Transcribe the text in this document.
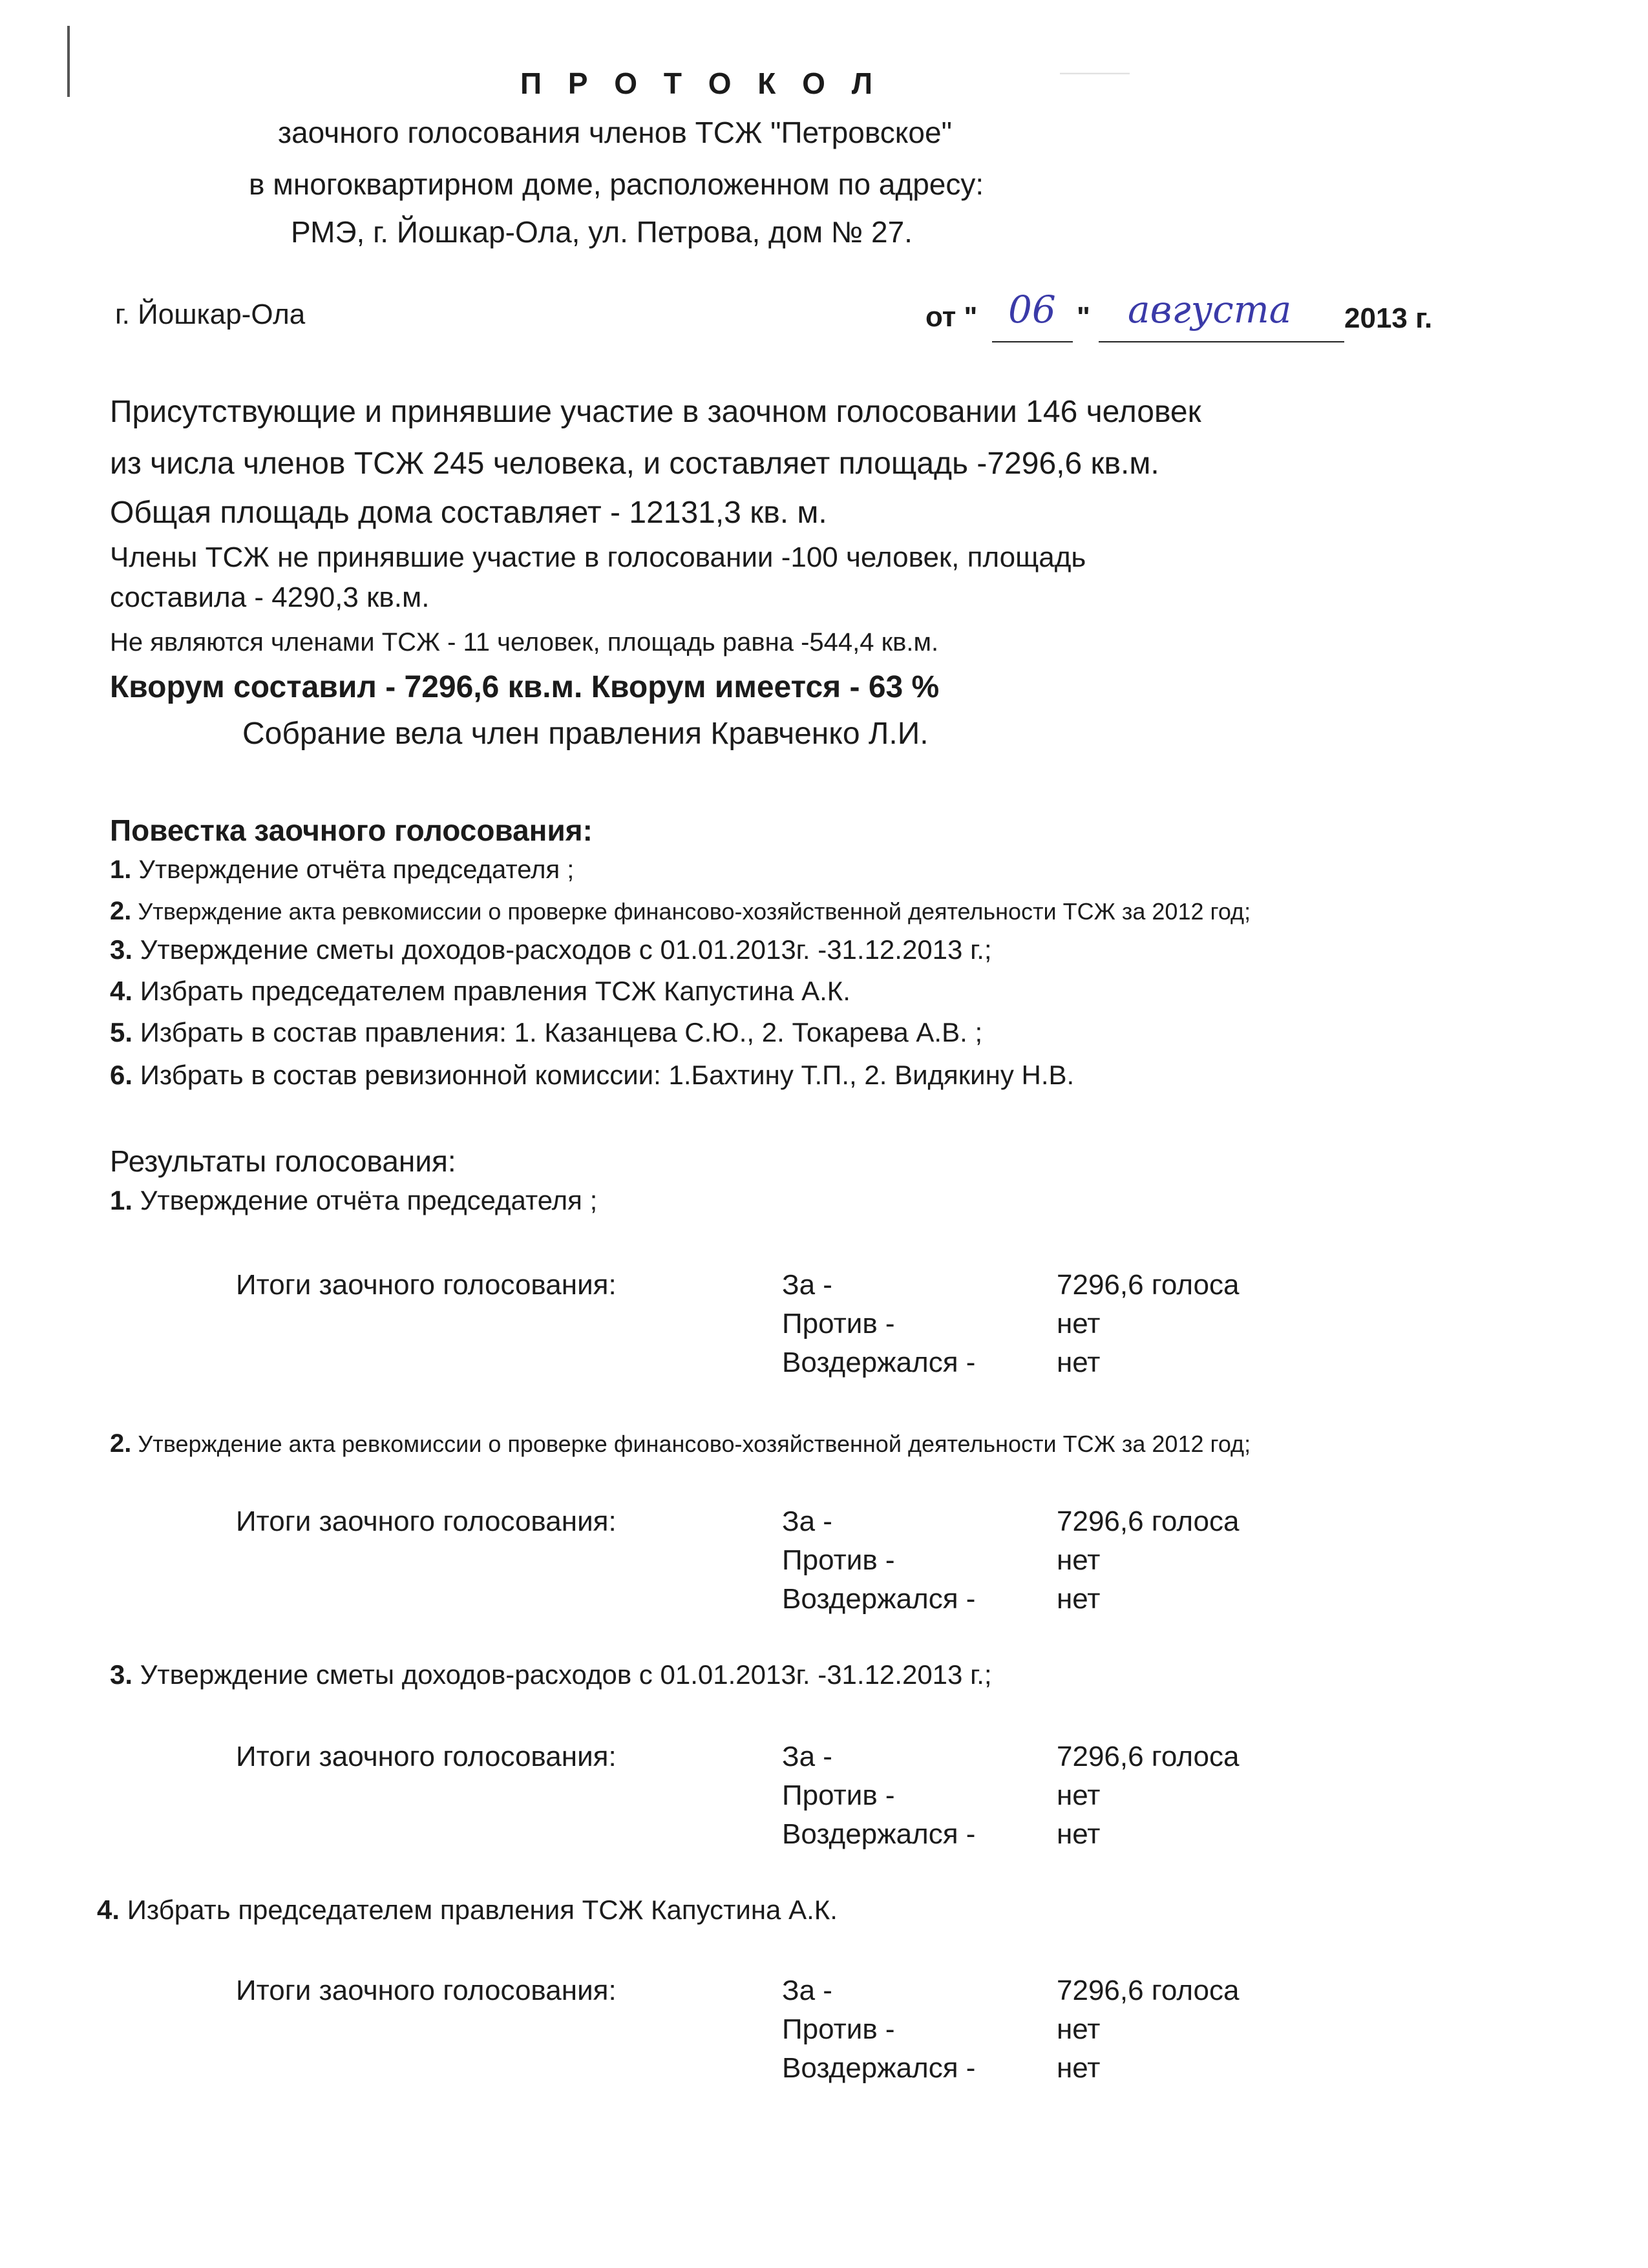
———
П Р О Т О К О Л
заочного голосования членов ТСЖ "Петровское"
в многоквартирном доме, расположенном по адресу:
РМЭ, г. Йошкар-Ола, ул. Петрова, дом № 27.
г. Йошкар-Ола	от " 06 " августа 2013 г.
Присутствующие и принявшие участие в заочном голосовании 146 человек
из числа членов ТСЖ 245 человека, и составляет площадь -7296,6 кв.м.
Общая площадь дома составляет - 12131,3 кв. м.
Члены ТСЖ не принявшие участие в голосовании -100 человек, площадь
составила - 4290,3 кв.м.
Не являются членами ТСЖ - 11 человек, площадь равна -544,4 кв.м.
Кворум составил - 7296,6 кв.м. Кворум имеется - 63 %
Собрание вела член правления Кравченко Л.И.
Повестка заочного голосования:
1. Утверждение отчёта председателя ;
2. Утверждение акта ревкомиссии о проверке финансово-хозяйственной деятельности ТСЖ за 2012 год;
3. Утверждение сметы доходов-расходов с 01.01.2013г. -31.12.2013 г.;
4. Избрать председателем правления ТСЖ Капустина А.К.
5. Избрать в состав правления: 1. Казанцева С.Ю., 2. Токарева А.В. ;
6. Избрать в состав ревизионной комиссии: 1.Бахтину Т.П., 2. Видякину Н.В.
Результаты голосования:
1. Утверждение отчёта председателя ;
Итоги заочного голосования:	За -	7296,6 голоса
Против -	нет
Воздержался -	нет
2. Утверждение акта ревкомиссии о проверке финансово-хозяйственной деятельности ТСЖ за 2012 год;
Итоги заочного голосования:	За -	7296,6 голоса
Против -	нет
Воздержался -	нет
3. Утверждение сметы доходов-расходов с 01.01.2013г. -31.12.2013 г.;
Итоги заочного голосования:	За -	7296,6 голоса
Против -	нет
Воздержался -	нет
4. Избрать председателем правления ТСЖ Капустина А.К.
Итоги заочного голосования:	За -	7296,6 голоса
Против -	нет
Воздержался -	нет
